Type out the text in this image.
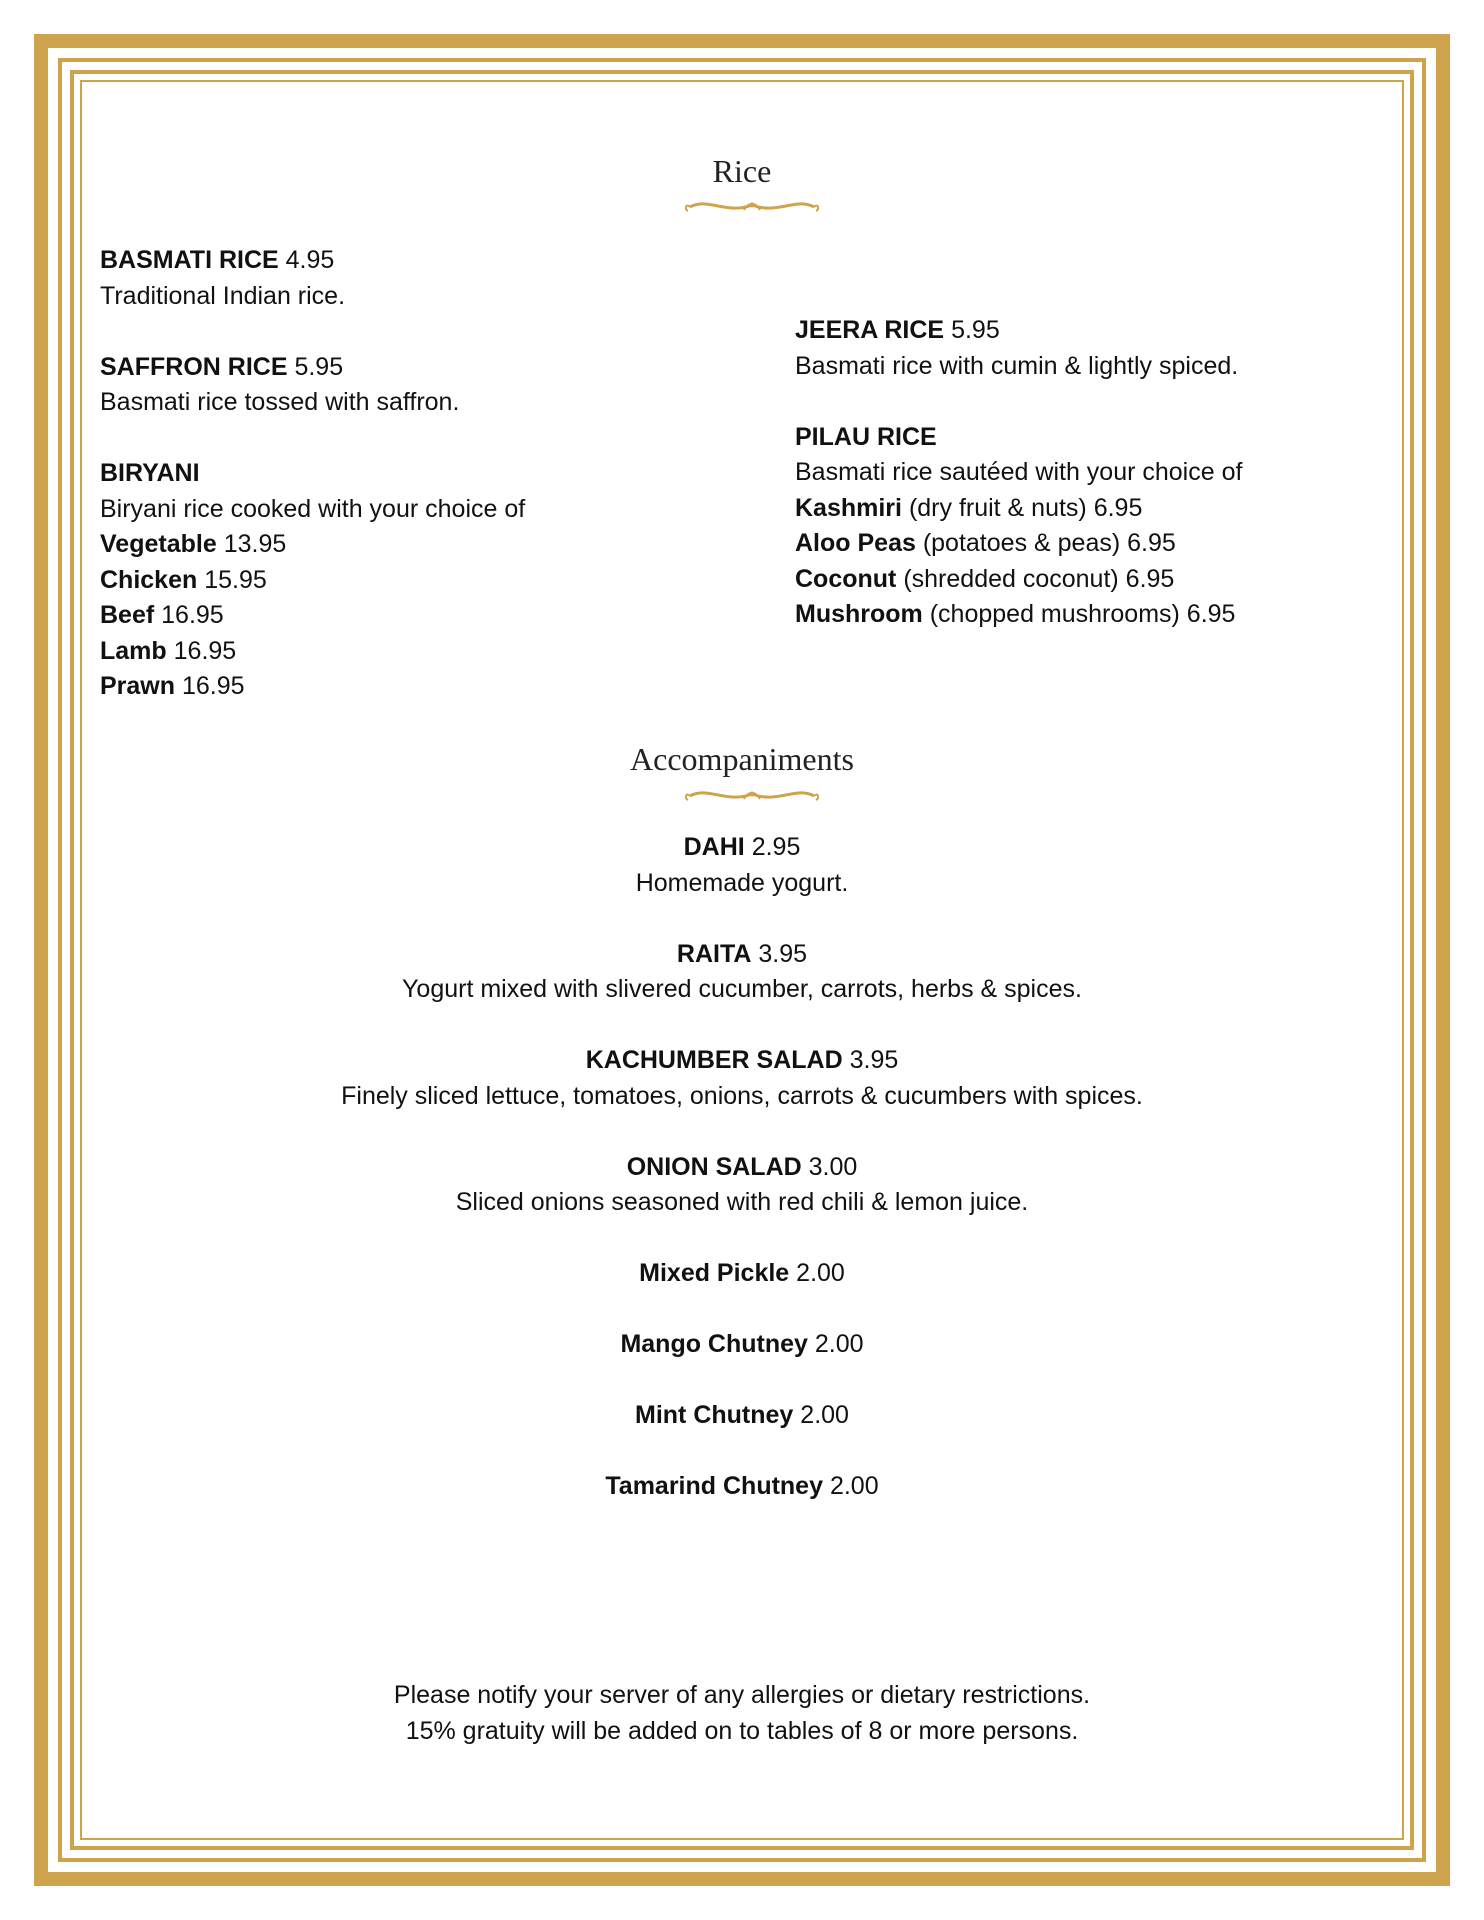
Rice
BASMATI RICE 4.95
Traditional Indian rice.
SAFFRON RICE 5.95
Basmati rice tossed with saffron.
BIRYANI
Biryani rice cooked with your choice of
Vegetable 13.95
Chicken 15.95
Beef 16.95
Lamb 16.95
Prawn 16.95
JEERA RICE 5.95
Basmati rice with cumin & lightly spiced.
PILAU RICE
Basmati rice sautéed with your choice of
Kashmiri (dry fruit & nuts) 6.95
Aloo Peas (potatoes & peas) 6.95
Coconut (shredded coconut) 6.95
Mushroom (chopped mushrooms) 6.95
Accompaniments
DAHI 2.95
Homemade yogurt.
RAITA 3.95
Yogurt mixed with slivered cucumber, carrots, herbs & spices.
KACHUMBER SALAD 3.95
Finely sliced lettuce, tomatoes, onions, carrots & cucumbers with spices.
ONION SALAD 3.00
Sliced onions seasoned with red chili & lemon juice.
Mixed Pickle 2.00
Mango Chutney 2.00
Mint Chutney 2.00
Tamarind Chutney 2.00
Please notify your server of any allergies or dietary restrictions.
15% gratuity will be added on to tables of 8 or more persons.
